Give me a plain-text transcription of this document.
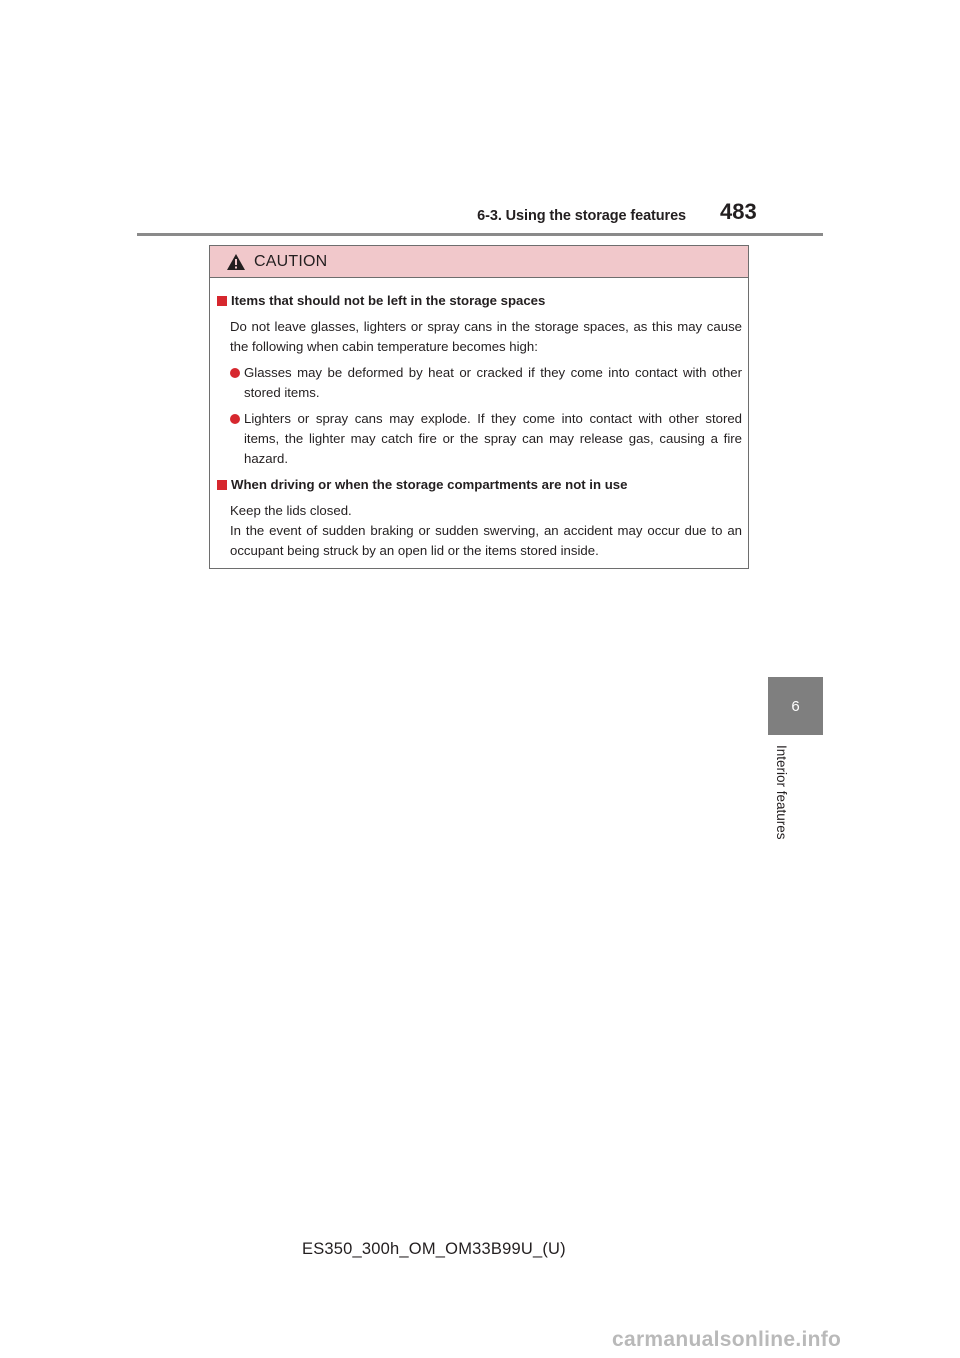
6-3. Using the storage features 483
6
Interior features
CAUTION
Items that should not be left in the storage spaces
Do not leave glasses, lighters or spray cans in the storage spaces, as this may cause the following when cabin temperature becomes high:
Glasses may be deformed by heat or cracked if they come into contact with other stored items.
Lighters or spray cans may explode. If they come into contact with other stored items, the lighter may catch fire or the spray can may release gas, causing a fire hazard.
When driving or when the storage compartments are not in use
Keep the lids closed.
In the event of sudden braking or sudden swerving, an accident may occur due to an occupant being struck by an open lid or the items stored inside.
ES350_300h_OM_OM33B99U_(U)
carmanualsonline.info
